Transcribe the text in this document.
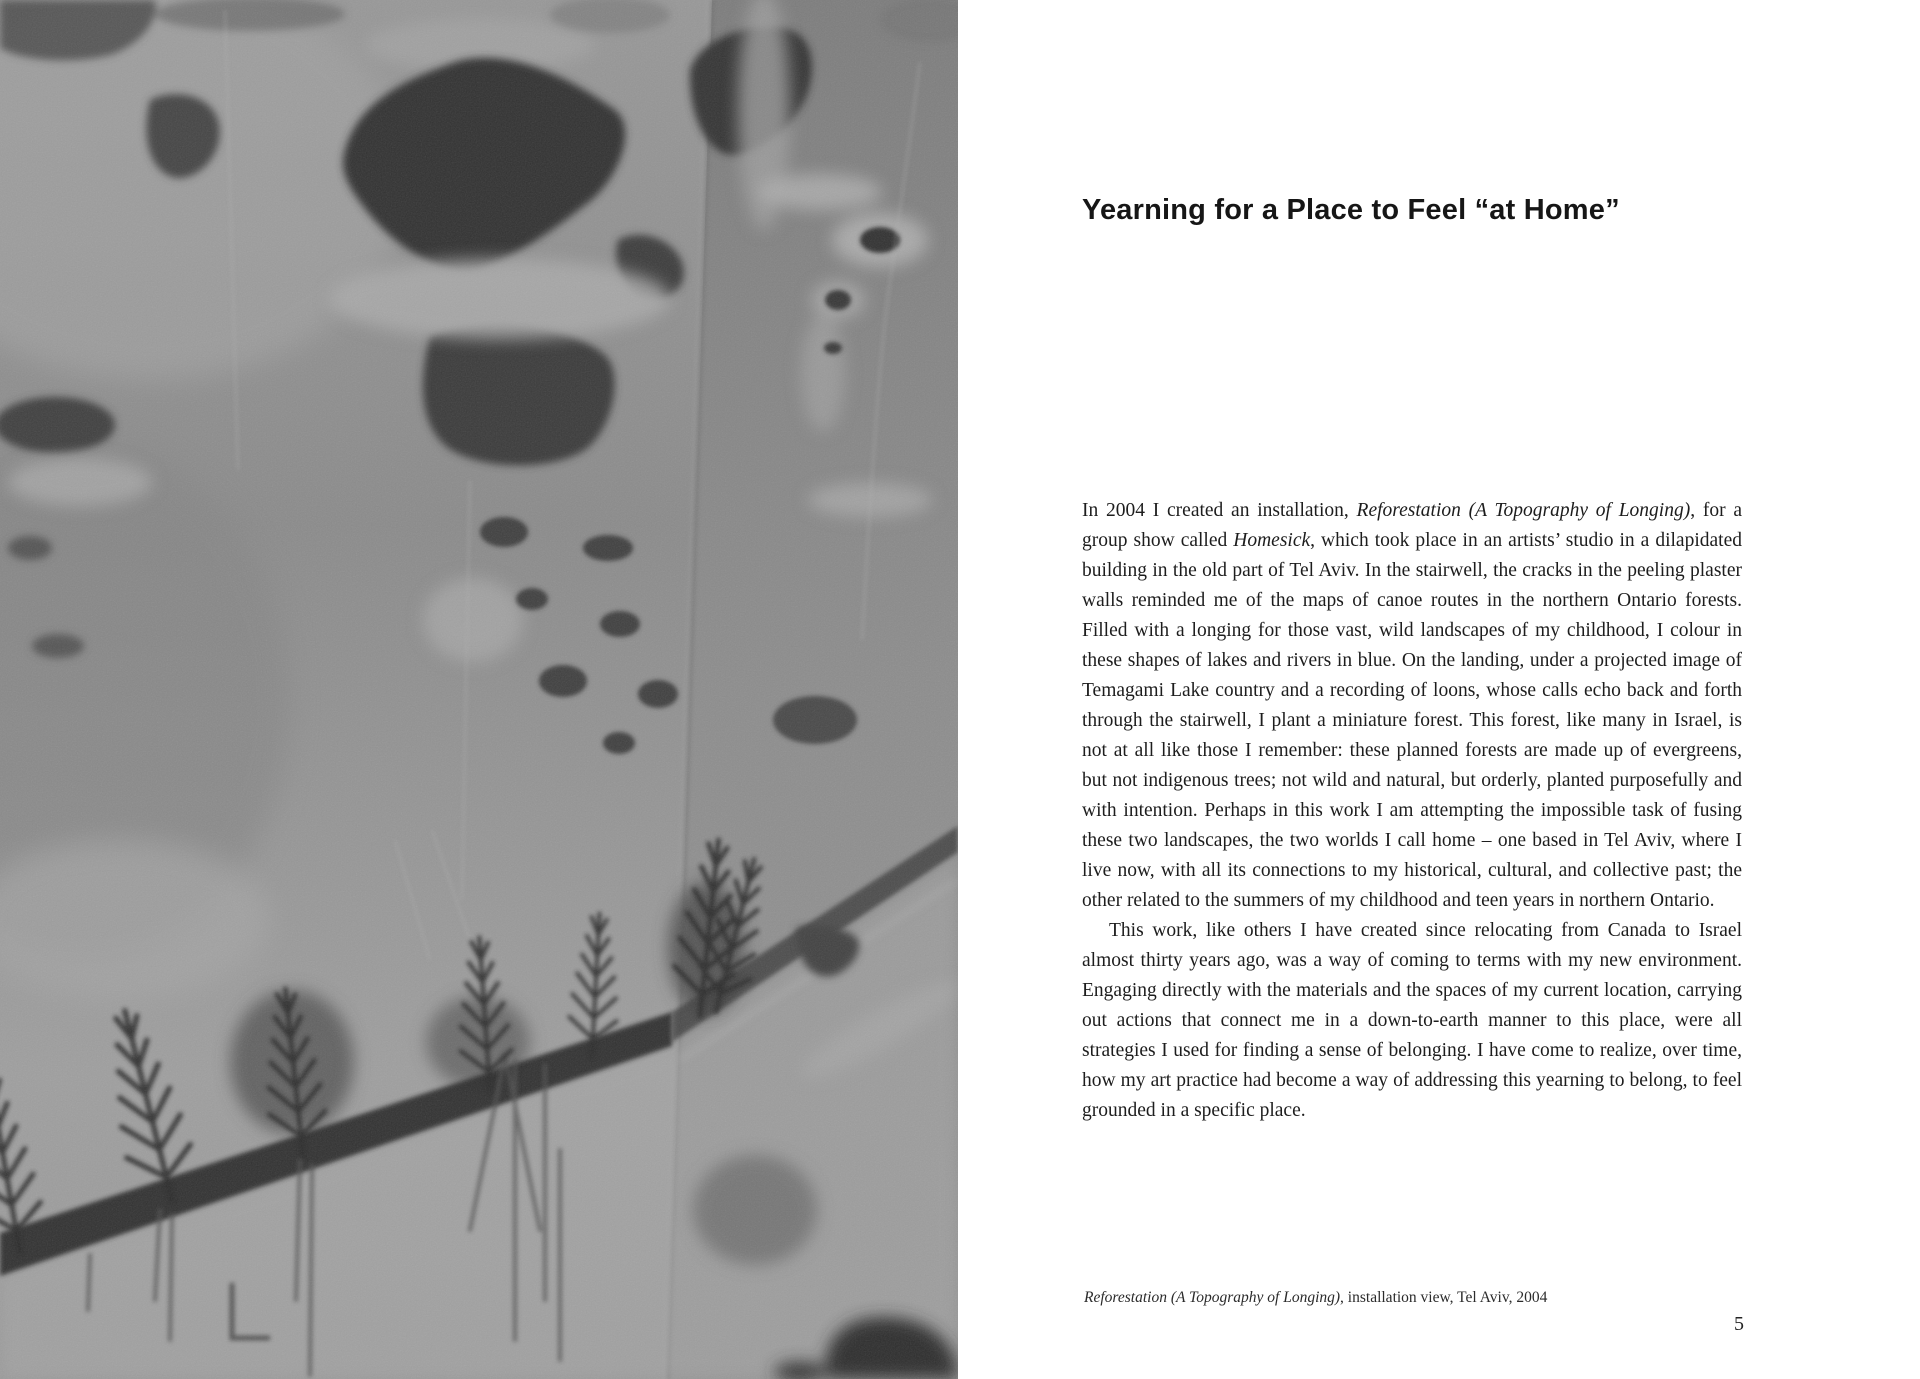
Yearning for a Place to Feel “at Home”

In 2004 I created an installation, Reforestation (A Topography of Longing), for a group show called Homesick, which took place in an artists’ studio in a dilapidated building in the old part of Tel Aviv. In the stairwell, the cracks in the peeling plaster walls reminded me of the maps of canoe routes in the northern Ontario forests. Filled with a longing for those vast, wild landscapes of my childhood, I colour in these shapes of lakes and rivers in blue. On the landing, under a projected image of Temagami Lake country and a recording of loons, whose calls echo back and forth through the stairwell, I plant a miniature forest. This forest, like many in Israel, is not at all like those I remember: these planned forests are made up of evergreens, but not indigenous trees; not wild and natural, but orderly, planted purposefully and with intention. Perhaps in this work I am attempting the impossible task of fusing these two landscapes, the two worlds I call home – one based in Tel Aviv, where I live now, with all its connections to my historical, cultural, and collective past; the other related to the summers of my childhood and teen years in northern Ontario.

This work, like others I have created since relocating from Canada to Israel almost thirty years ago, was a way of coming to terms with my new environment. Engaging directly with the materials and the spaces of my current location, carrying out actions that connect me in a down-to-earth manner to this place, were all strategies I used for finding a sense of belonging. I have come to realize, over time, how my art practice had become a way of addressing this yearning to belong, to feel grounded in a specific place.

Reforestation (A Topography of Longing), installation view, Tel Aviv, 2004
5
